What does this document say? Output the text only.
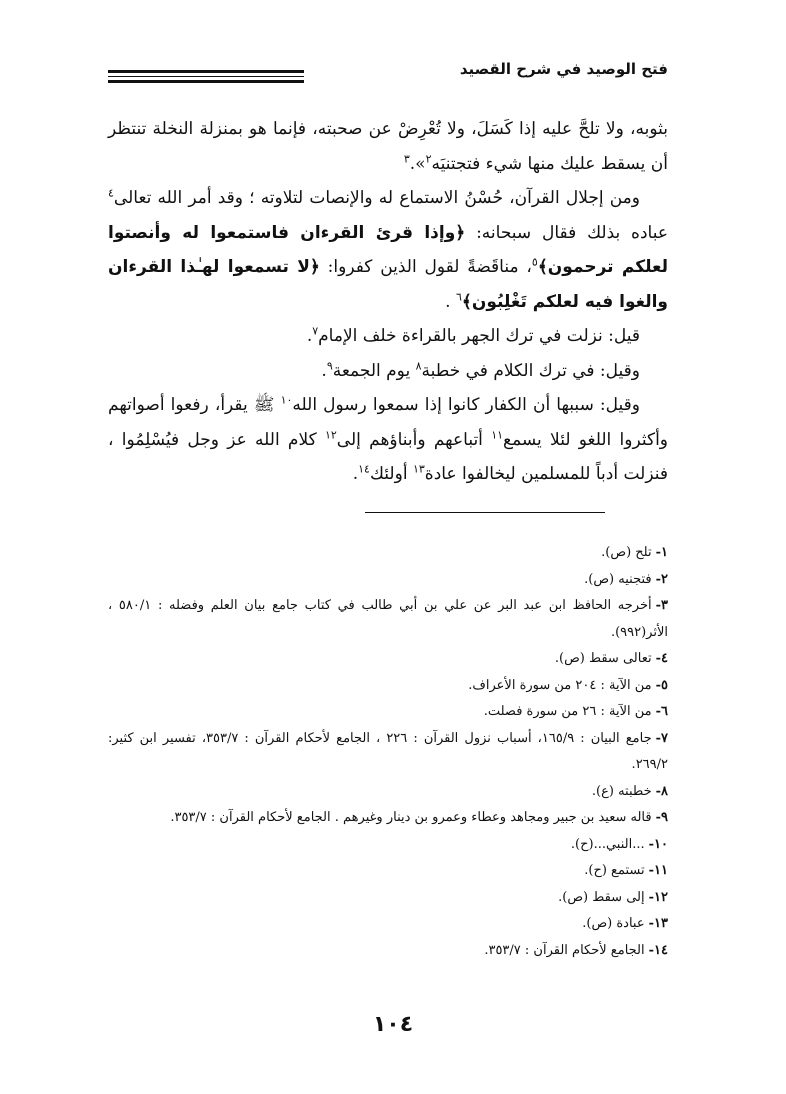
فتح الوصيد في شرح القصيد

بثوبه، ولا تلحَّ عليه إذا كَسَلَ، ولا تُعْرِضْ عن صحبته، فإنما هو بمنزلة النخلة تنتظر أن يسقط عليك منها شيء فتجتنيَه$^٢$».$^٣$

ومن إجلال القرآن، حُسْنُ الاستماع له والإنصات لتلاوته ؛ وقد أمر الله تعالى$^٤$ عباده بذلك فقال سبحانه: ﴿وإذا قرئ القرءان فاستمعوا له وأنصتوا لعلكم ترحمون﴾$^٥$، مناقَضةً لقول الذين كفروا: ﴿لا تسمعوا لهـٰذا القرءان والغوا فيه لعلكم تَغْلِبُون﴾$^٦$ .

قيل: نزلت في ترك الجهر بالقراءة خلف الإمام$^٧$.

وقيل: في ترك الكلام في خطبة$^٨$ يوم الجمعة$^٩$.

وقيل: سببها أن الكفار كانوا إذا سمعوا رسول الله$^{١٠}$ ﷺ يقرأ، رفعوا أصواتهم وأكثروا اللغو لئلا يسمع$^{١١}$ أتباعهم وأبناؤهم إلى$^{١٢}$ كلام الله عز وجل فيُسْلِمُوا ، فنزلت أدباً للمسلمين ليخالفوا عادة$^{١٣}$ أولئك$^{١٤}$.

١-تلح (ص).
٢-فتجنيه (ص).
٣-أخرجه الحافظ ابن عبد البر عن علي بن أبي طالب في كتاب جامع بيان العلم وفضله : ٥٨٠/١ ، الأثر(٩٩٢).
٤-تعالى سقط (ص).
٥-من الآية : ٢٠٤ من سورة الأعراف.
٦-من الآية : ٢٦ من سورة فصلت.
٧-جامع البيان : ١٦٥/٩، أسباب نزول القرآن : ٢٢٦ ، الجامع لأحكام القرآن : ٣٥٣/٧، تفسير ابن كثير: ٢٦٩/٢.
٨-خطبته (ع).
٩-قاله سعيد بن جبير ومجاهد وعطاء وعمرو بن دينار وغيرهم . الجامع لأحكام القرآن : ٣٥٣/٧.
١٠-...النبي...(ح).
١١-تستمع (ح).
١٢-إلى سقط (ص).
١٣-عبادة (ص).
١٤-الجامع لأحكام القرآن : ٣٥٣/٧.
١٠٤
